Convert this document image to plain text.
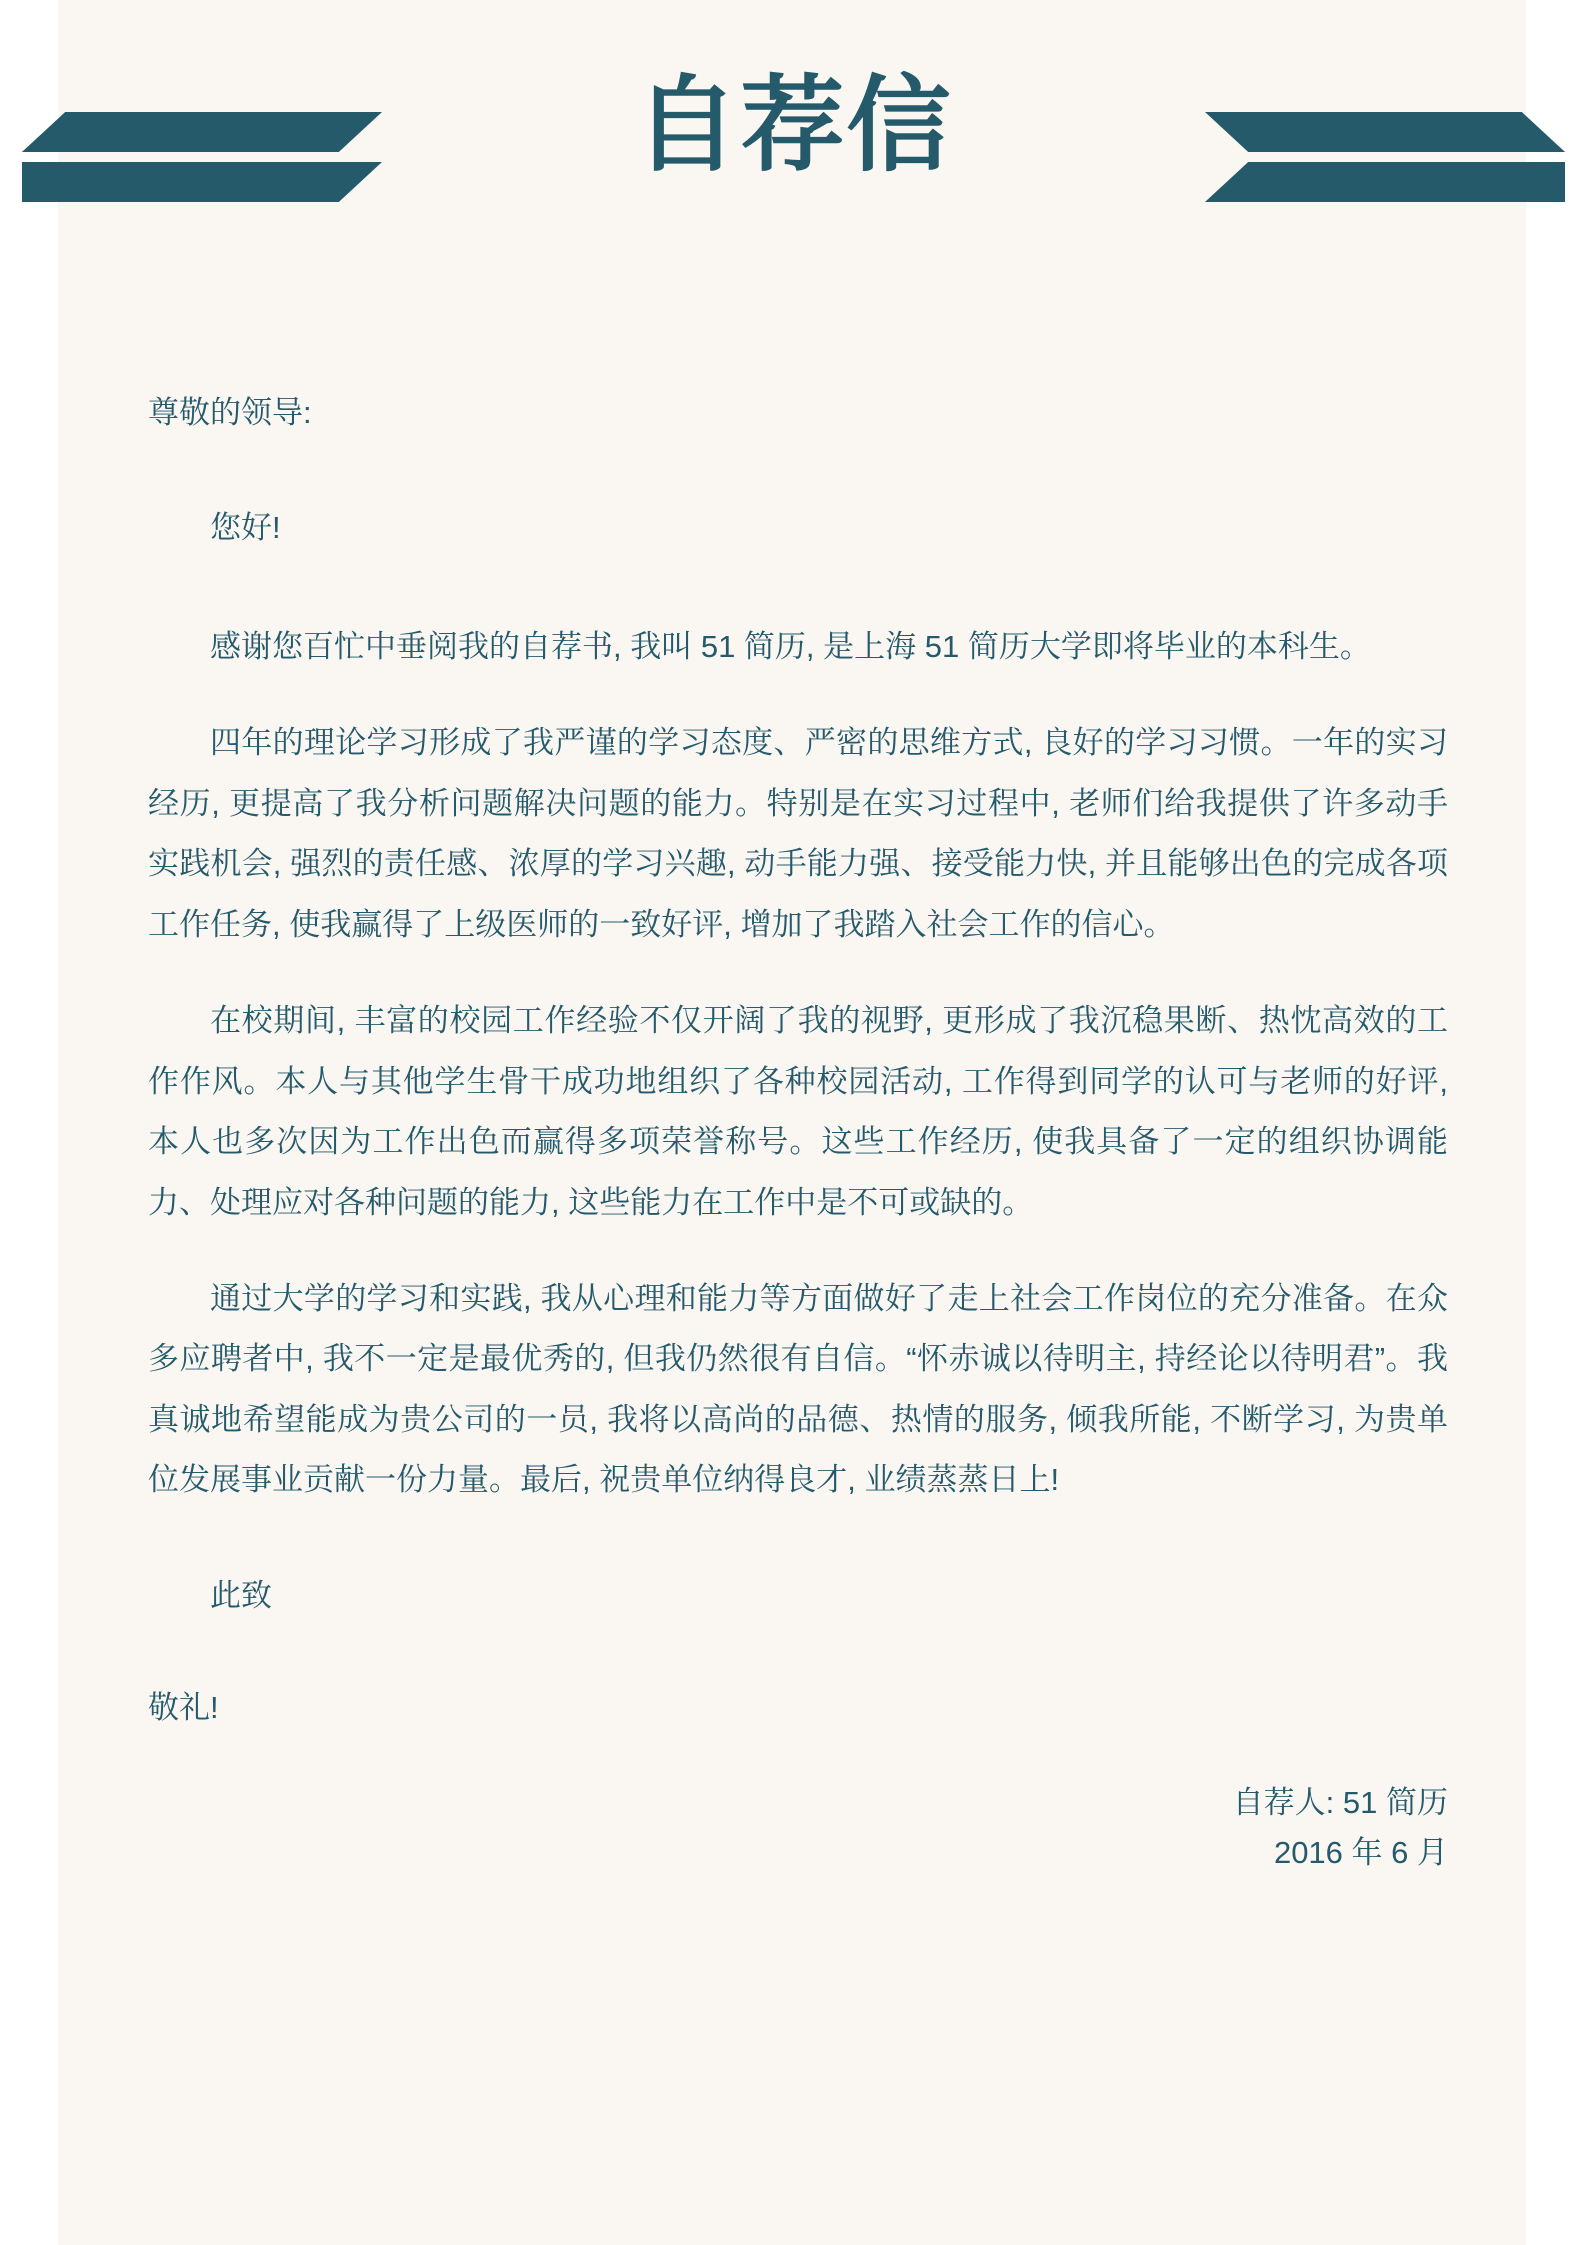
自荐信

尊敬的领导:

您好!

感谢您百忙中垂阅我的自荐书, 我叫 51 简历, 是上海 51 简历大学即将毕业的本科生。

四年的理论学习形成了我严谨的学习态度、严密的思维方式, 良好的学习习惯。一年的实习经历, 更提高了我分析问题解决问题的能力。特别是在实习过程中, 老师们给我提供了许多动手实践机会, 强烈的责任感、浓厚的学习兴趣, 动手能力强、接受能力快, 并且能够出色的完成各项工作任务, 使我赢得了上级医师的一致好评, 增加了我踏入社会工作的信心。

在校期间, 丰富的校园工作经验不仅开阔了我的视野, 更形成了我沉稳果断、热忱高效的工作作风。本人与其他学生骨干成功地组织了各种校园活动, 工作得到同学的认可与老师的好评, 本人也多次因为工作出色而赢得多项荣誉称号。这些工作经历, 使我具备了一定的组织协调能力、处理应对各种问题的能力, 这些能力在工作中是不可或缺的。

通过大学的学习和实践, 我从心理和能力等方面做好了走上社会工作岗位的充分准备。在众多应聘者中, 我不一定是最优秀的, 但我仍然很有自信。“怀赤诚以待明主, 持经论以待明君”。我真诚地希望能成为贵公司的一员, 我将以高尚的品德、热情的服务, 倾我所能, 不断学习, 为贵单位发展事业贡献一份力量。最后, 祝贵单位纳得良才, 业绩蒸蒸日上!

此致

敬礼!

自荐人: 51 简历
2016 年 6 月
